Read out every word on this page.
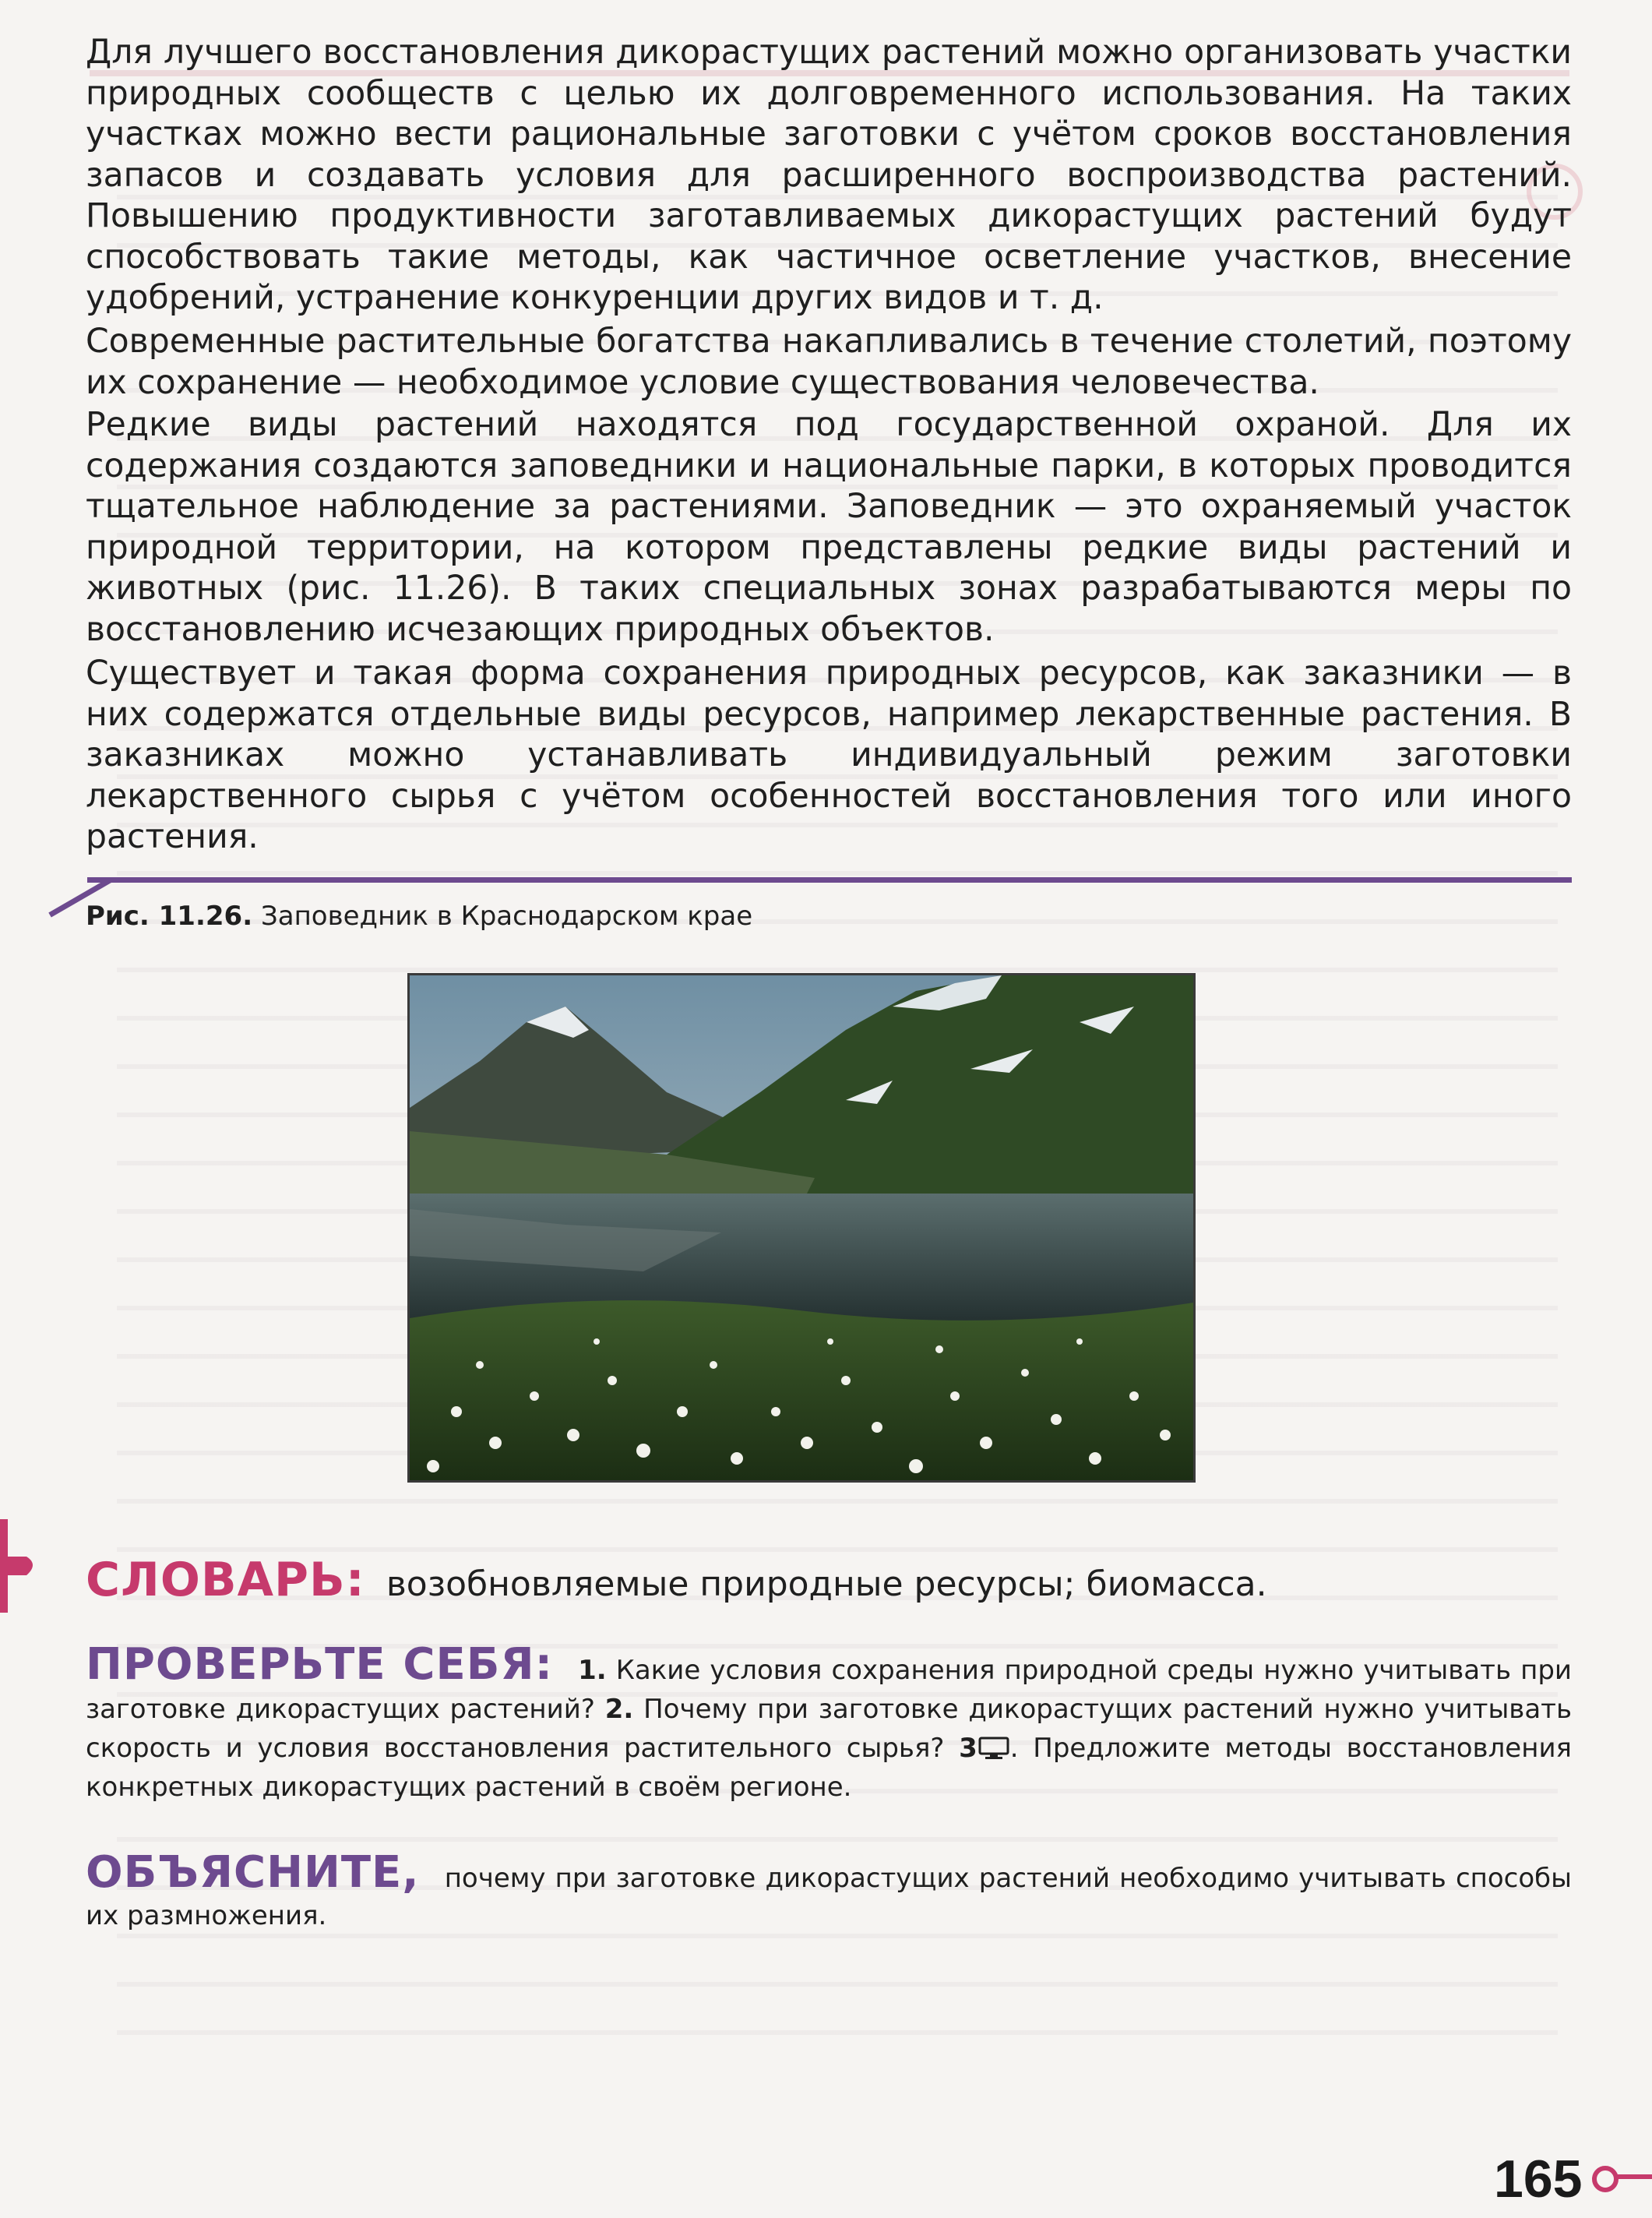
Для лучшего восстановления дикорастущих растений можно организовать участки природных сообществ с целью их долговременного использования. На таких участках можно вести рациональные заготовки с учётом сроков восстановления запасов и создавать условия для расширенного воспроизводства растений. Повышению продуктивности заготавливаемых дикорастущих растений будут способствовать такие методы, как частичное осветление участков, внесение удобрений, устранение конкуренции других видов и т. д.

Современные растительные богатства накапливались в течение столетий, поэтому их сохранение — необходимое условие существования человечества.

Редкие виды растений находятся под государственной охраной. Для их содержания создаются заповедники и национальные парки, в которых проводится тщательное наблюдение за растениями. Заповедник — это охраняемый участок природной территории, на котором представлены редкие виды растений и животных (рис. 11.26). В таких специальных зонах разрабатываются меры по восстановлению исчезающих природных объектов.

Существует и такая форма сохранения природных ресурсов, как заказники — в них содержатся отдельные виды ресурсов, например лекарственные растения. В заказниках можно устанавливать индивидуальный режим заготовки лекарственного сырья с учётом особенностей восстановления того или иного растения.

Рис. 11.26. Заповедник в Краснодарском крае
СЛОВАРЬ: возобновляемые природные ресурсы; биомасса.
ПРОВЕРЬТЕ СЕБЯ: 1. Какие условия сохранения природной среды нужно учитывать при заготовке дикорастущих растений? 2. Почему при заготовке дикорастущих растений нужно учитывать скорость и условия восстановления растительного сырья? 3 . Предложите методы восстановления конкретных дикорастущих растений в своём регионе.
ОБЪЯСНИТЕ, почему при заготовке дикорастущих растений необходимо учитывать способы их размножения.
165
